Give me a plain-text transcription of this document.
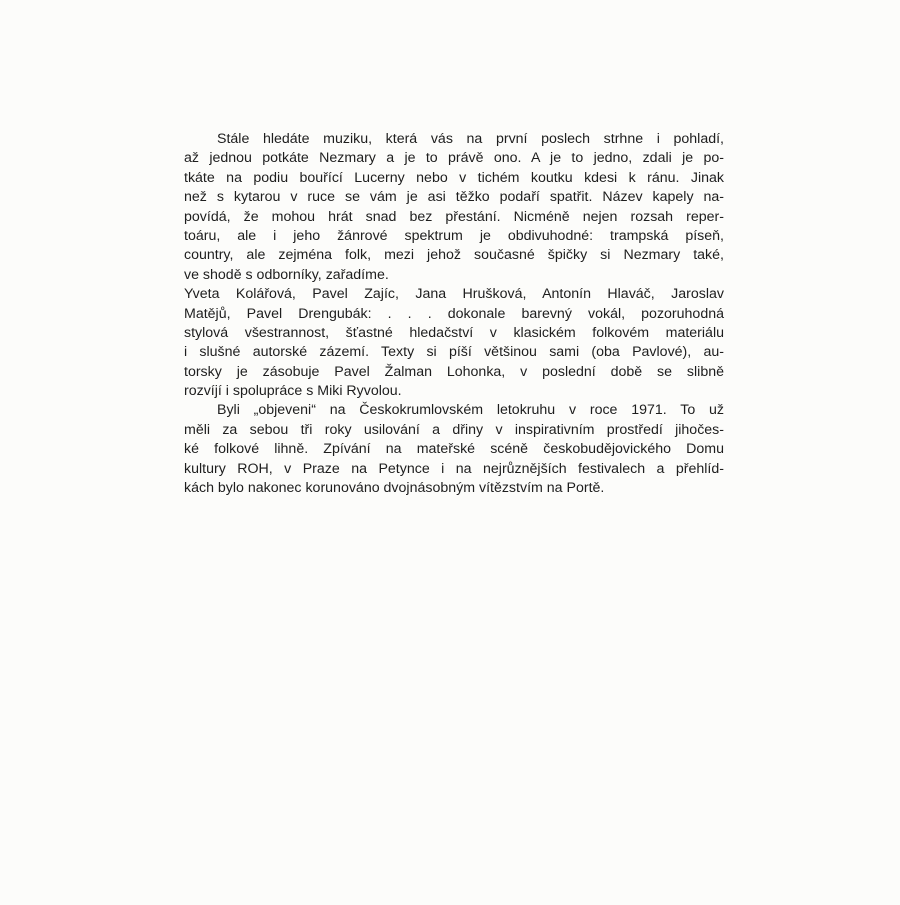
Stále hledáte muziku, která vás na první poslech strhne i pohladí,
až jednou potkáte Nezmary a je to právě ono. A je to jedno, zdali je po-
tkáte na podiu bouřící Lucerny nebo v tichém koutku kdesi k ránu. Jinak
než s kytarou v ruce se vám je asi těžko podaří spatřit. Název kapely na-
povídá, že mohou hrát snad bez přestání. Nicméně nejen rozsah reper-
toáru, ale i jeho žánrové spektrum je obdivuhodné: trampská píseň,
country, ale zejména folk, mezi jehož současné špičky si Nezmary také,
ve shodě s odborníky, zařadíme.
Yveta Kolářová, Pavel Zajíc, Jana Hrušková, Antonín Hlaváč, Jaroslav
Matějů, Pavel Drengubák: . . . dokonale barevný vokál, pozoruhodná
stylová všestrannost, šťastné hledačství v klasickém folkovém materiálu
i slušné autorské zázemí. Texty si píší většinou sami (oba Pavlové), au-
torsky je zásobuje Pavel Žalman Lohonka, v poslední době se slibně
rozvíjí i spolupráce s Miki Ryvolou.
Byli „objeveni“ na Českokrumlovském letokruhu v roce 1971. To už
měli za sebou tři roky usilování a dřiny v inspirativním prostředí jihočes-
ké folkové lihně. Zpívání na mateřské scéně českobudějovického Domu
kultury ROH, v Praze na Petynce i na nejrůznějších festivalech a přehlíd-
kách bylo nakonec korunováno dvojnásobným vítězstvím na Portě.
